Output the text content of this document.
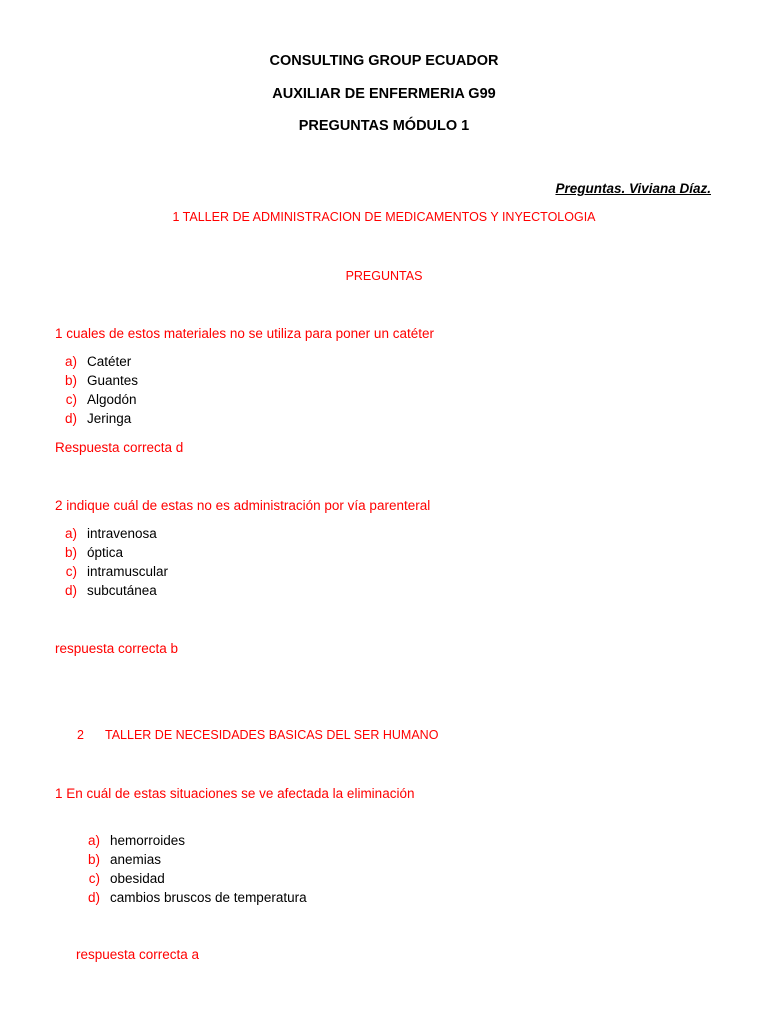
CONSULTING GROUP ECUADOR
AUXILIAR DE ENFERMERIA G99
PREGUNTAS MÓDULO 1
Preguntas. Viviana Díaz.
1 TALLER DE ADMINISTRACION DE MEDICAMENTOS Y INYECTOLOGIA
PREGUNTAS
1 cuales de estos materiales no se utiliza para poner un catéter
a) Catéter
b) Guantes
c) Algodón
d) Jeringa
Respuesta correcta d
2 indique cuál de estas no es administración por vía parenteral
a) intravenosa
b) óptica
c) intramuscular
d) subcutánea
respuesta correcta b
2 TALLER DE NECESIDADES BASICAS DEL SER HUMANO
1 En cuál de estas situaciones se ve afectada la eliminación
a) hemorroides
b) anemias
c) obesidad
d) cambios bruscos de temperatura
respuesta correcta a
